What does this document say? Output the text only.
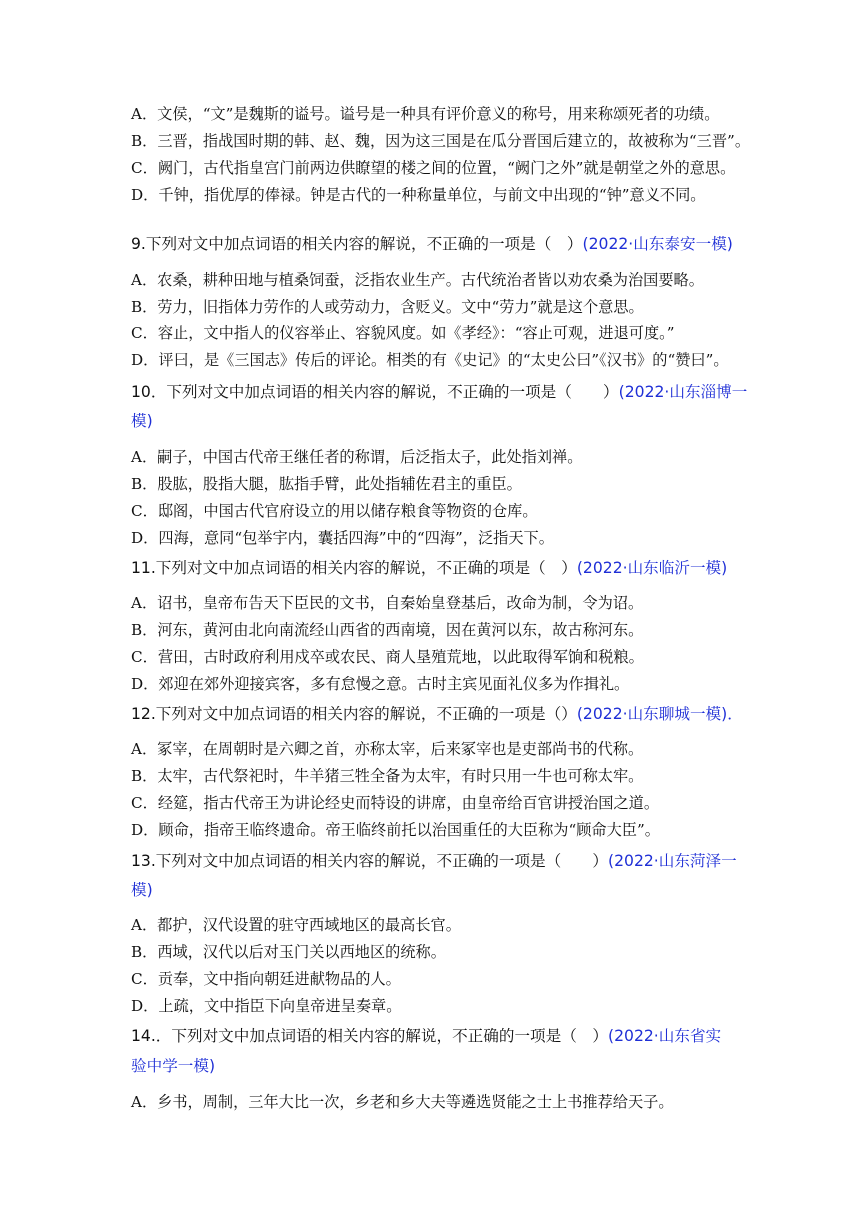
A．文侯，“文”是魏斯的谥号。谥号是一种具有评价意义的称号，用来称颂死者的功绩。
B．三晋，指战国时期的韩、赵、魏，因为这三国是在瓜分晋国后建立的，故被称为“三晋”。
C．阙门，古代指皇宫门前两边供瞭望的楼之间的位置，“阙门之外”就是朝堂之外的意思。
D．千钟，指优厚的俸禄。钟是古代的一种称量单位，与前文中出现的“钟”意义不同。
9.下列对文中加点词语的相关内容的解说，不正确的一项是（　）(2022·山东泰安一模)
A．农桑，耕种田地与植桑饲蚕，泛指农业生产。古代统治者皆以劝农桑为治国要略。
B．劳力，旧指体力劳作的人或劳动力，含贬义。文中“劳力”就是这个意思。
C．容止，文中指人的仪容举止、容貌风度。如《孝经》：“容止可观，进退可度。”
D．评曰，是《三国志》传后的评论。相类的有《史记》的“太史公曰”《汉书》的“赞曰”。
10．下列对文中加点词语的相关内容的解说，不正确的一项是（　　）(2022·山东淄博一
模)
A．嗣子，中国古代帝王继任者的称谓，后泛指太子，此处指刘禅。
B．股肱，股指大腿，肱指手臂，此处指辅佐君主的重臣。
C．邸阁，中国古代官府设立的用以储存粮食等物资的仓库。
D．四海，意同“包举宇内，囊括四海”中的“四海”，泛指天下。
11.下列对文中加点词语的相关内容的解说，不正确的项是（　）(2022·山东临沂一模)
A．诏书，皇帝布告天下臣民的文书，自秦始皇登基后，改命为制，令为诏。
B．河东，黄河由北向南流经山西省的西南境，因在黄河以东，故古称河东。
C．营田，古时政府利用戍卒或农民、商人垦殖荒地，以此取得军饷和税粮。
D．郊迎在郊外迎接宾客，多有怠慢之意。古时主宾见面礼仪多为作揖礼。
12.下列对文中加点词语的相关内容的解说，不正确的一项是（）(2022·山东聊城一模)．
A．冢宰，在周朝时是六卿之首，亦称太宰，后来冢宰也是吏部尚书的代称。
B．太牢，古代祭祀时，牛羊猪三牲全备为太牢，有时只用一牛也可称太牢。
C．经筵，指古代帝王为讲论经史而特设的讲席，由皇帝给百官讲授治国之道。
D．顾命，指帝王临终遗命。帝王临终前托以治国重任的大臣称为“顾命大臣”。
13.下列对文中加点词语的相关内容的解说，不正确的一项是（　　）(2022·山东菏泽一
模)
A．都护，汉代设置的驻守西域地区的最高长官。
B．西域，汉代以后对玉门关以西地区的统称。
C．贡奉，文中指向朝廷进献物品的人。
D．上疏，文中指臣下向皇帝进呈奏章。
14.．下列对文中加点词语的相关内容的解说，不正确的一项是（　）(2022·山东省实
验中学一模)
A．乡书，周制，三年大比一次，乡老和乡大夫等遴选贤能之士上书推荐给天子。
